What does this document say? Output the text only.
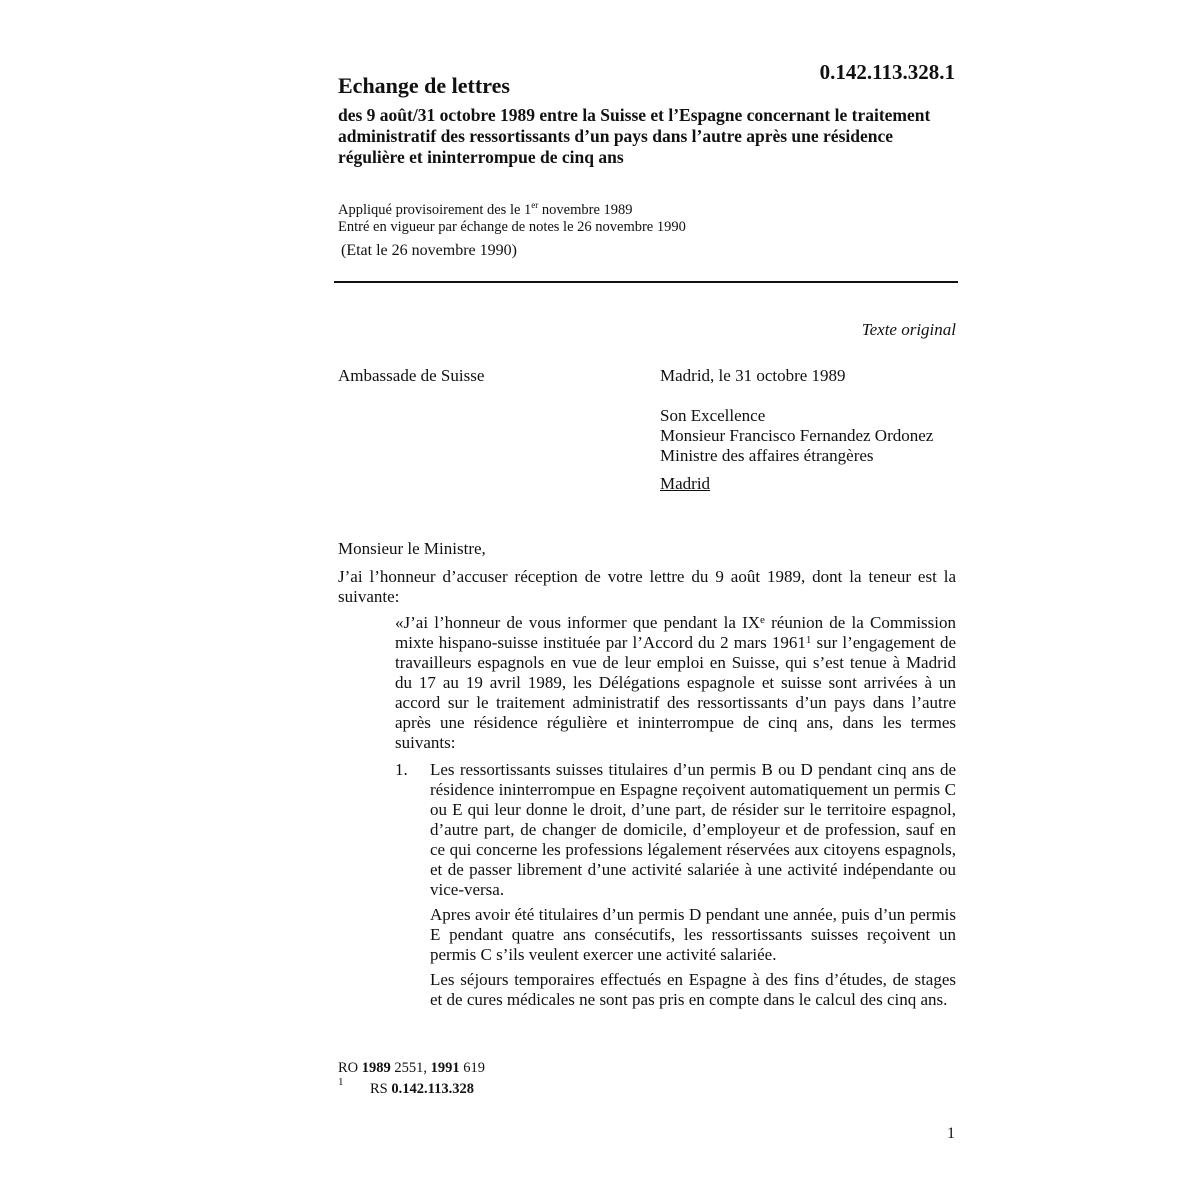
0.142.113.328.1
Echange de lettres
des 9 août/31 octobre 1989 entre la Suisse et l’Espagne concernant le traitement administratif des ressortissants d’un pays dans l’autre après une résidence régulière et ininterrompue de cinq ans
Appliqué provisoirement des le 1er novembre 1989
Entré en vigueur par échange de notes le 26 novembre 1990
(Etat le 26 novembre 1990)
Texte original
Ambassade de Suisse	Madrid, le 31 octobre 1989
Son Excellence
Monsieur Francisco Fernandez Ordonez
Ministre des affaires étrangères
Madrid
Monsieur le Ministre,
J’ai l’honneur d’accuser réception de votre lettre du 9 août 1989, dont la teneur est la suivante:
«J’ai l’honneur de vous informer que pendant la IXe réunion de la Commission mixte hispano-suisse instituée par l’Accord du 2 mars 1961$^1$ sur l’engagement de travailleurs espagnols en vue de leur emploi en Suisse, qui s’est tenue à Madrid du 17 au 19 avril 1989, les Délégations espagnole et suisse sont arrivées à un accord sur le traitement administratif des ressortissants d’un pays dans l’autre après une résidence régulière et ininterrompue de cinq ans, dans les termes suivants:
1. Les ressortissants suisses titulaires d’un permis B ou D pendant cinq ans de résidence ininterrompue en Espagne reçoivent automatiquement un permis C ou E qui leur donne le droit, d’une part, de résider sur le territoire espagnol, d’autre part, de changer de domicile, d’employeur et de profession, sauf en ce qui concerne les professions légalement réservées aux citoyens espagnols, et de passer librement d’une activité salariée à une activité indépendante ou vice-versa.

Apres avoir été titulaires d’un permis D pendant une année, puis d’un permis E pendant quatre ans consécutifs, les ressortissants suisses reçoivent un permis C s’ils veulent exercer une activité salariée.

Les séjours temporaires effectués en Espagne à des fins d’études, de stages et de cures médicales ne sont pas pris en compte dans le calcul des cinq ans.

RO 1989 2551, 1991 619
1 RS 0.142.113.328
1
